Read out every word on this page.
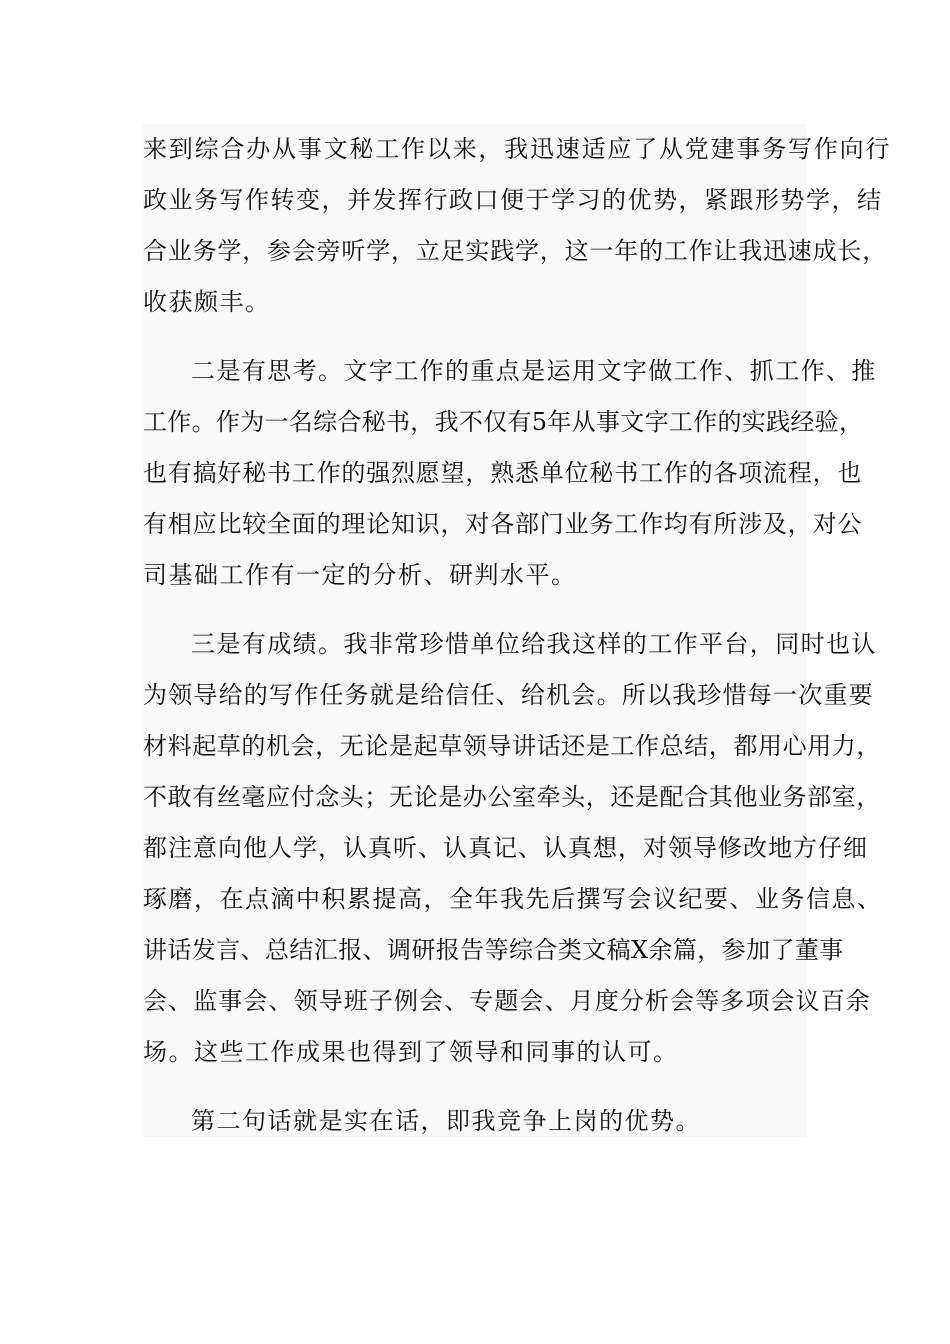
来到综合办从事文秘工作以来，我迅速适应了从党建事务写作向行
政业务写作转变，并发挥行政口便于学习的优势，紧跟形势学，结
合业务学，参会旁听学，立足实践学，这一年的工作让我迅速成长，
收获颇丰。
二是有思考。文字工作的重点是运用文字做工作、抓工作、推
工作。作为一名综合秘书，我不仅有5年从事文字工作的实践经验，
也有搞好秘书工作的强烈愿望，熟悉单位秘书工作的各项流程，也
有相应比较全面的理论知识，对各部门业务工作均有所涉及，对公
司基础工作有一定的分析、研判水平。
三是有成绩。我非常珍惜单位给我这样的工作平台，同时也认
为领导给的写作任务就是给信任、给机会。所以我珍惜每一次重要
材料起草的机会，无论是起草领导讲话还是工作总结，都用心用力，
不敢有丝毫应付念头；无论是办公室牵头，还是配合其他业务部室，
都注意向他人学，认真听、认真记、认真想，对领导修改地方仔细
琢磨，在点滴中积累提高，全年我先后撰写会议纪要、业务信息、
讲话发言、总结汇报、调研报告等综合类文稿X余篇，参加了董事
会、监事会、领导班子例会、专题会、月度分析会等多项会议百余
场。这些工作成果也得到了领导和同事的认可。
第二句话就是实在话，即我竞争上岗的优势。
